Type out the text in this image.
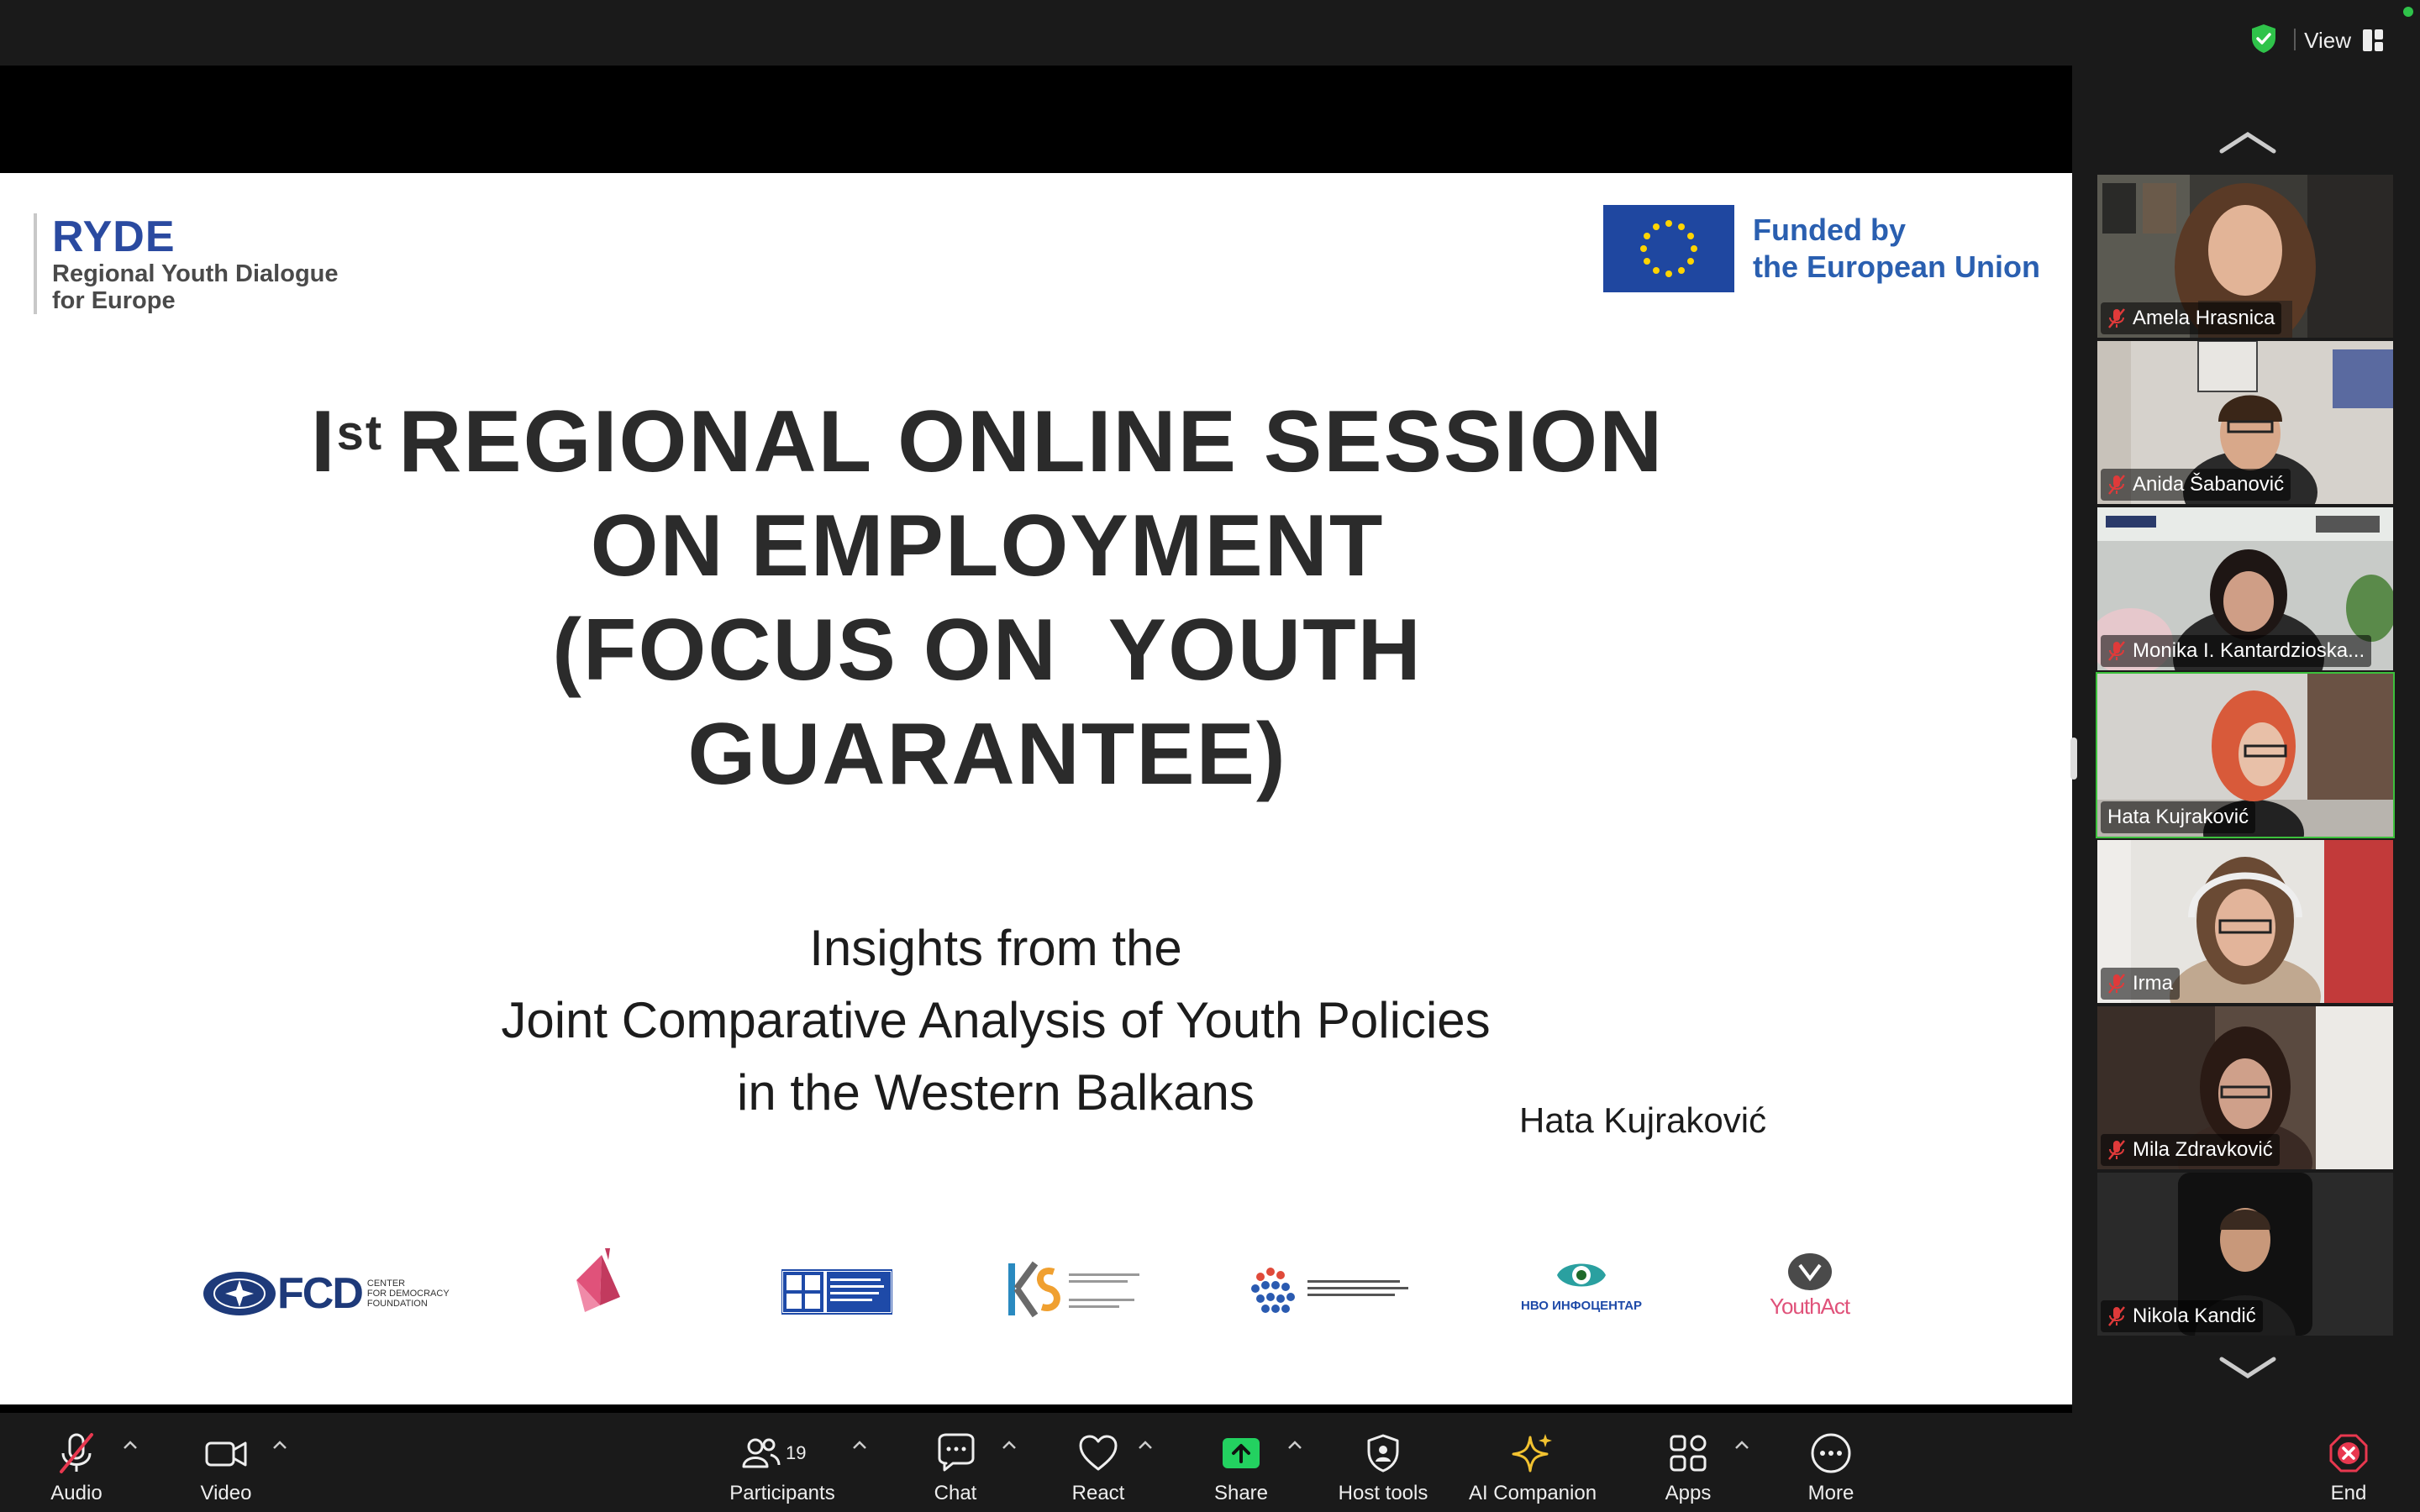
View
RYDE
Regional Youth Dialogue
for Europe
Funded by
the European Union
Ist REGIONAL ONLINE SESSION
ON EMPLOYMENT
(FOCUS ON  YOUTH
GUARANTEE)
Insights from the
Joint Comparative Analysis of Youth Policies
in the Western Balkans	Hata Kujraković
FCD CENTER
FOR DEMOCRACY
FOUNDATION	НВО ИНФОЦЕНТАР	YouthAct
Amela Hrasnica
Anida Šabanović
Monika I. Kantardzioska...
Hata Kujraković
Irma
Mila Zdravković
Nikola Kandić
Audio	Video
19
Participants	Chat	React	Share	Host tools AI Companion	Apps	More	End
